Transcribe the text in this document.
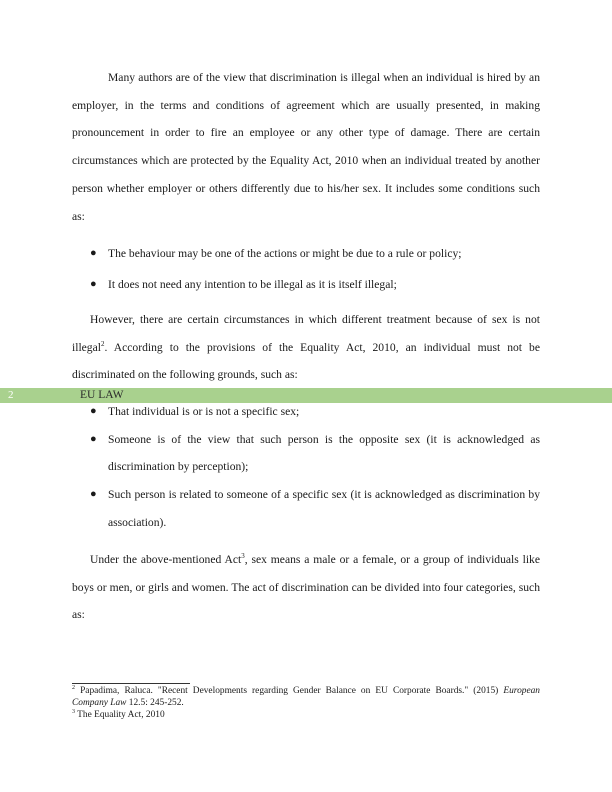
Many authors are of the view that discrimination is illegal when an individual is hired by an employer, in the terms and conditions of agreement which are usually presented, in making pronouncement in order to fire an employee or any other type of damage. There are certain circumstances which are protected by the Equality Act, 2010 when an individual treated by another person whether employer or others differently due to his/her sex. It includes some conditions such as:

● The behaviour may be one of the actions or might be due to a rule or policy;
● It does not need any intention to be illegal as it is itself illegal;

However, there are certain circumstances in which different treatment because of sex is not illegal$^2$. According to the provisions of the Equality Act, 2010, an individual must not be discriminated on the following grounds, such as:

2	EU LAW
● That individual is or is not a specific sex;
● Someone is of the view that such person is the opposite sex (it is acknowledged as discrimination by perception);
● Such person is related to someone of a specific sex (it is acknowledged as discrimination by association).

Under the above-mentioned Act$^3$, sex means a male or a female, or a group of individuals like boys or men, or girls and women. The act of discrimination can be divided into four categories, such as:

$^2$ Papadima, Raluca. "Recent Developments regarding Gender Balance on EU Corporate Boards." (2015) European Company Law 12.5: 245-252.

$^3$ The Equality Act, 2010
